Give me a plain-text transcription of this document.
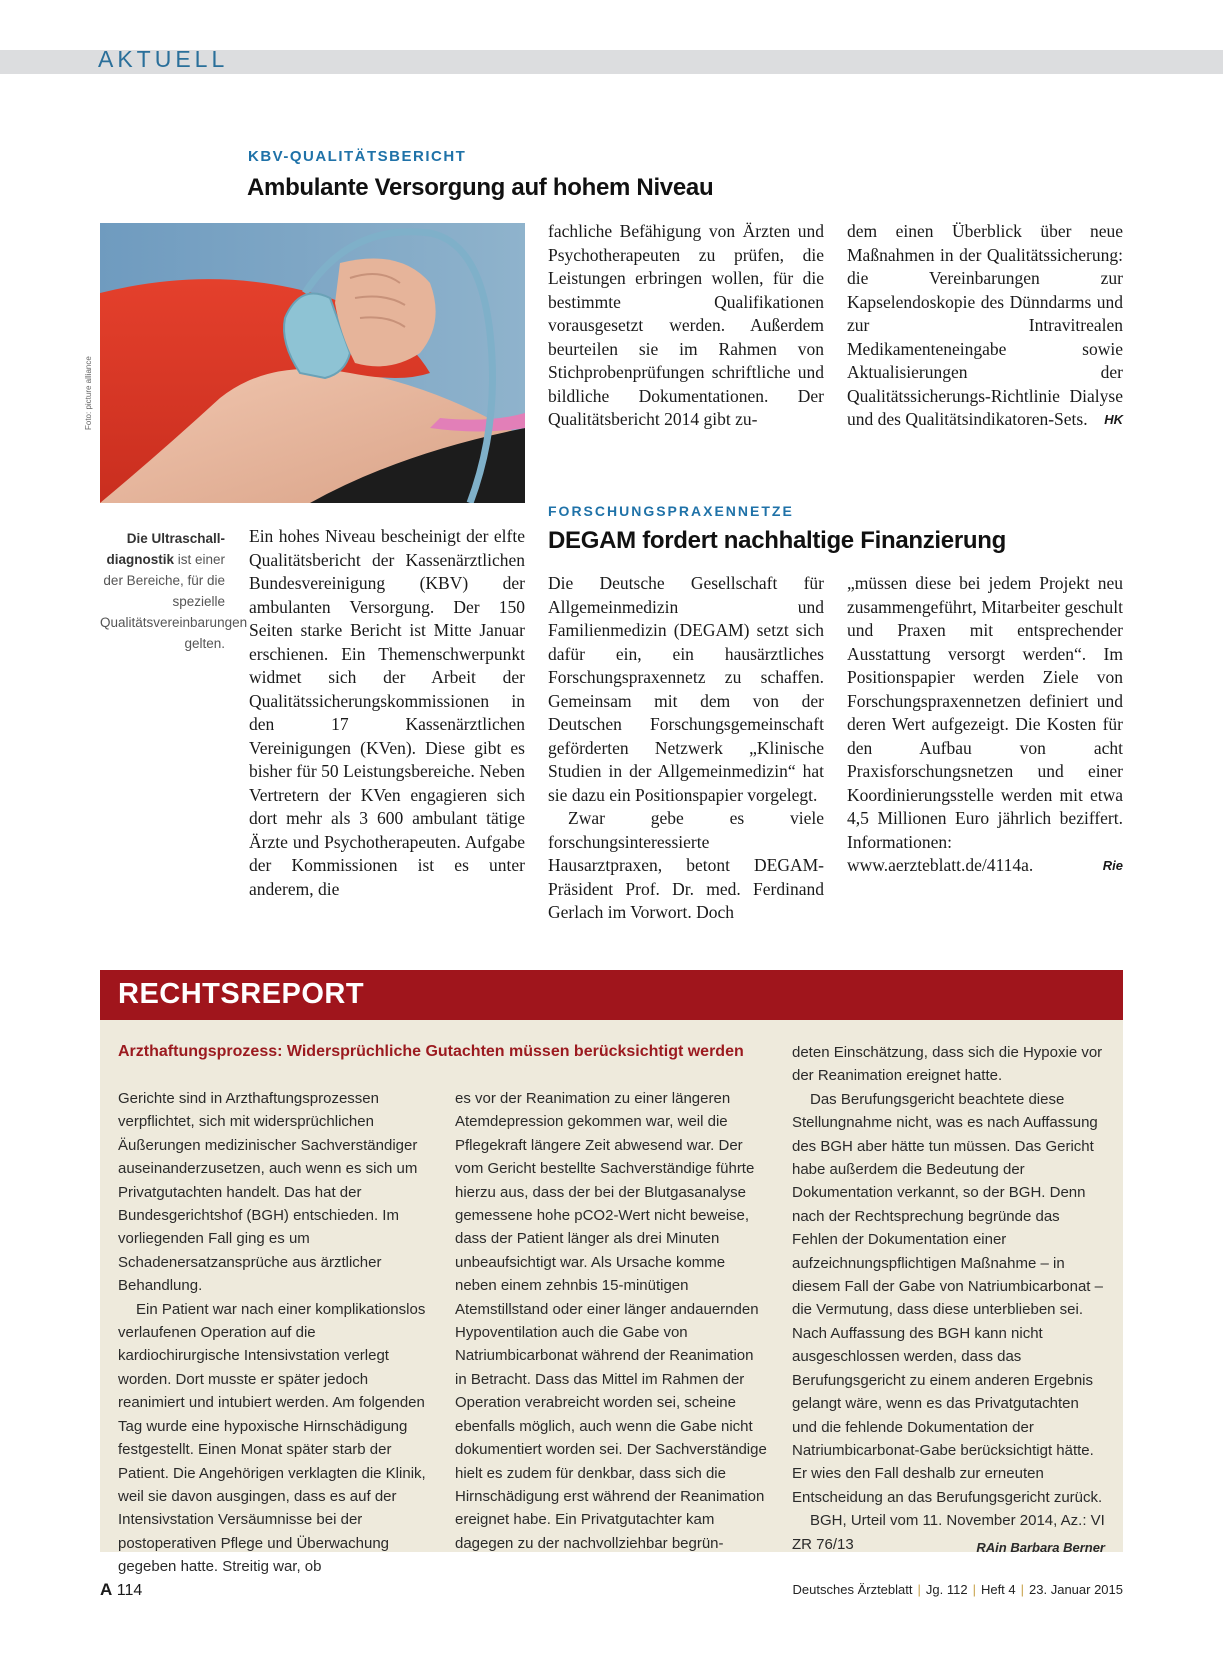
AKTUELL
KBV-QUALITÄTSBERICHT
Ambulante Versorgung auf hohem Niveau
Foto: picture alliance
Die Ultraschalldiagnostik ist einer der Bereiche, für die spezielle Qualitätsvereinbarungen gelten.

Ein hohes Niveau bescheinigt der elfte Qualitätsbericht der Kassenärztlichen Bundesvereinigung (KBV) der ambulanten Versorgung. Der 150 Seiten starke Bericht ist Mitte Januar erschienen. Ein Themenschwerpunkt widmet sich der Arbeit der Qualitätssicherungskommissionen in den 17 Kassenärztlichen Vereinigungen (KVen). Diese gibt es bisher für 50 Leistungsbereiche. Neben Vertretern der KVen engagieren sich dort mehr als 3 600 ambulant tätige Ärzte und Psychotherapeuten. Aufgabe der Kommissionen ist es unter anderem, die

fachliche Befähigung von Ärzten und Psychotherapeuten zu prüfen, die Leistungen erbringen wollen, für die bestimmte Qualifikationen vorausgesetzt werden. Außerdem beurteilen sie im Rahmen von Stichprobenprüfungen schriftliche und bildliche Dokumentationen. Der Qualitätsbericht 2014 gibt zu-

dem einen Überblick über neue Maßnahmen in der Qualitätssicherung: die Vereinbarungen zur Kapselendoskopie des Dünndarms und zur Intravitrealen Medikamenteneingabe sowie Aktualisierungen der Qualitätssicherungs-Richtlinie Dialyse und des Qualitätsindikatoren-Sets. HK

FORSCHUNGSPRAXENNETZE
DEGAM fordert nachhaltige Finanzierung

Die Deutsche Gesellschaft für Allgemeinmedizin und Familienmedizin (DEGAM) setzt sich dafür ein, ein hausärztliches Forschungspraxennetz zu schaffen. Gemeinsam mit dem von der Deutschen Forschungsgemeinschaft geförderten Netzwerk „Klinische Studien in der Allgemeinmedizin“ hat sie dazu ein Positionspapier vorgelegt.

Zwar gebe es viele forschungsinteressierte Hausarztpraxen, betont DEGAM-Präsident Prof. Dr. med. Ferdinand Gerlach im Vorwort. Doch

„müssen diese bei jedem Projekt neu zusammengeführt, Mitarbeiter geschult und Praxen mit entsprechender Ausstattung versorgt werden“. Im Positionspapier werden Ziele von Forschungspraxennetzen definiert und deren Wert aufgezeigt. Die Kosten für den Aufbau von acht Praxisforschungsnetzen und einer Koordinierungsstelle werden mit etwa 4,5 Millionen Euro jährlich beziffert. Informationen: www.aerzteblatt.de/4114a.	Rie

RECHTSREPORT
Arzthaftungsprozess: Widersprüchliche Gutachten müssen berücksichtigt werden

Gerichte sind in Arzthaftungsprozessen verpflichtet, sich mit widersprüchlichen Äußerungen medizinischer Sachverständiger auseinanderzusetzen, auch wenn es sich um Privatgutachten handelt. Das hat der Bundesgerichtshof (BGH) entschieden. Im vorliegenden Fall ging es um Schadenersatzansprüche aus ärztlicher Behandlung.

Ein Patient war nach einer komplikationslos verlaufenen Operation auf die kardiochirurgische Intensivstation verlegt worden. Dort musste er später jedoch reanimiert und intubiert werden. Am folgenden Tag wurde eine hypoxische Hirnschädigung festgestellt. Einen Monat später starb der Patient. Die Angehörigen verklagten die Klinik, weil sie davon ausgingen, dass es auf der Intensivstation Versäumnisse bei der postoperativen Pflege und Überwachung gegeben hatte. Streitig war, ob

es vor der Reanimation zu einer längeren Atemdepression gekommen war, weil die Pflegekraft längere Zeit abwesend war. Der vom Gericht bestellte Sachverständige führte hierzu aus, dass der bei der Blutgasanalyse gemessene hohe pCO2-Wert nicht beweise, dass der Patient länger als drei Minuten unbeaufsichtigt war. Als Ursache komme neben einem zehnbis 15-minütigen Atemstillstand oder einer länger andauernden Hypoventilation auch die Gabe von Natriumbicarbonat während der Reanimation in Betracht. Dass das Mittel im Rahmen der Operation verabreicht worden sei, scheine ebenfalls möglich, auch wenn die Gabe nicht dokumentiert worden sei. Der Sachverständige hielt es zudem für denkbar, dass sich die Hirnschädigung erst während der Reanimation ereignet habe. Ein Privatgutachter kam dagegen zu der nachvollziehbar begrün-

deten Einschätzung, dass sich die Hypoxie vor der Reanimation ereignet hatte.

Das Berufungsgericht beachtete diese Stellungnahme nicht, was es nach Auffassung des BGH aber hätte tun müssen. Das Gericht habe außerdem die Bedeutung der Dokumentation verkannt, so der BGH. Denn nach der Rechtsprechung begründe das Fehlen der Dokumentation einer aufzeichnungspflichtigen Maßnahme – in diesem Fall der Gabe von Natriumbicarbonat – die Vermutung, dass diese unterblieben sei. Nach Auffassung des BGH kann nicht ausgeschlossen werden, dass das Berufungsgericht zu einem anderen Ergebnis gelangt wäre, wenn es das Privatgutachten und die fehlende Dokumentation der Natriumbicarbonat-Gabe berücksichtigt hätte. Er wies den Fall deshalb zur erneuten Entscheidung an das Berufungsgericht zurück.

BGH, Urteil vom 11. November 2014, Az.: VI ZR 76/13	RAin Barbara Berner

A 114	Deutsches Ärzteblatt | Jg. 112 | Heft 4 | 23. Januar 2015
